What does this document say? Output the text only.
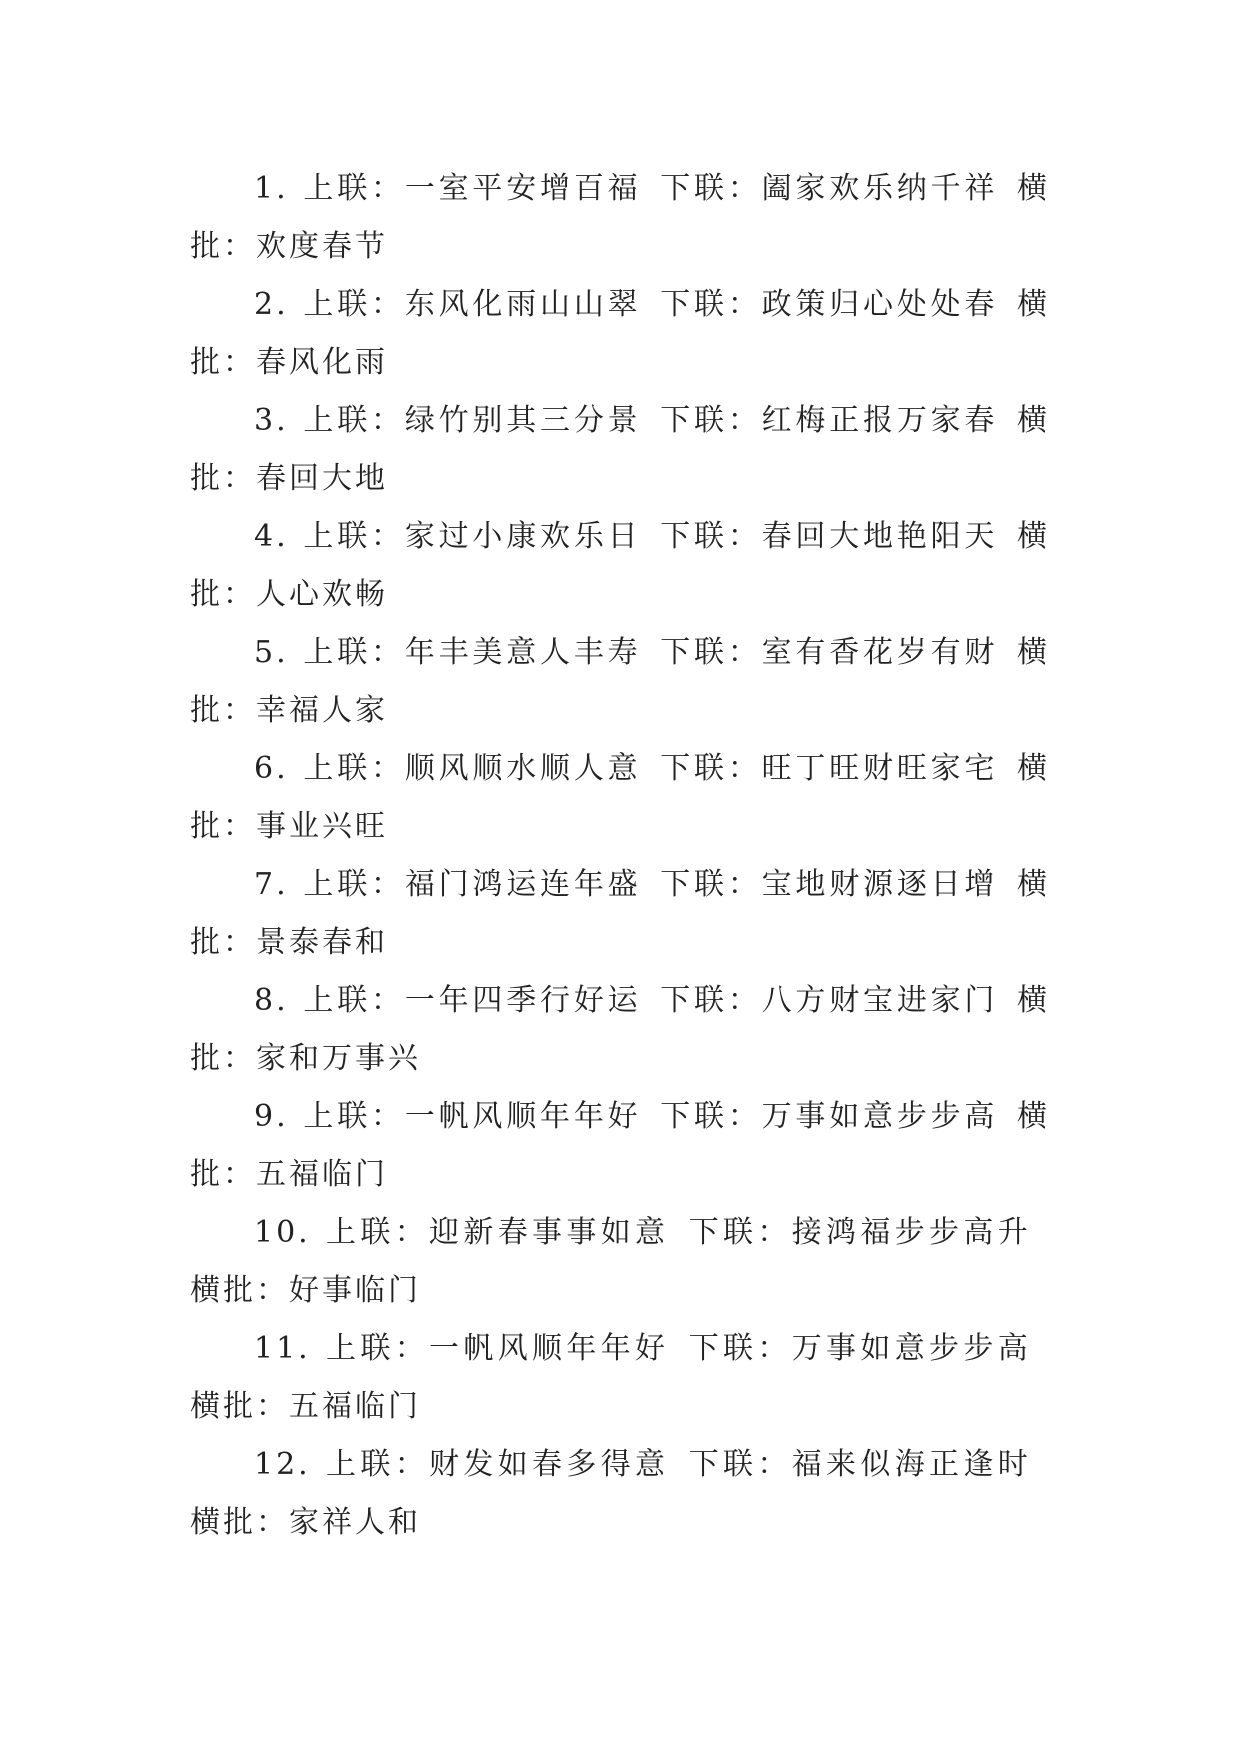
1. 上联：一室平安增百福 下联：阖家欢乐纳千祥 横批：欢度春节

2. 上联：东风化雨山山翠 下联：政策归心处处春 横批：春风化雨

3. 上联：绿竹别其三分景 下联：红梅正报万家春 横批：春回大地

4. 上联：家过小康欢乐日 下联：春回大地艳阳天 横批：人心欢畅

5. 上联：年丰美意人丰寿 下联：室有香花岁有财 横批：幸福人家

6. 上联：顺风顺水顺人意 下联：旺丁旺财旺家宅 横批：事业兴旺

7. 上联：福门鸿运连年盛 下联：宝地财源逐日增 横批：景泰春和

8. 上联：一年四季行好运 下联：八方财宝进家门 横批：家和万事兴

9. 上联：一帆风顺年年好 下联：万事如意步步高 横批：五福临门

10. 上联：迎新春事事如意 下联：接鸿福步步高升横批：好事临门

11. 上联：一帆风顺年年好 下联：万事如意步步高横批：五福临门

12. 上联：财发如春多得意 下联：福来似海正逢时横批：家祥人和
